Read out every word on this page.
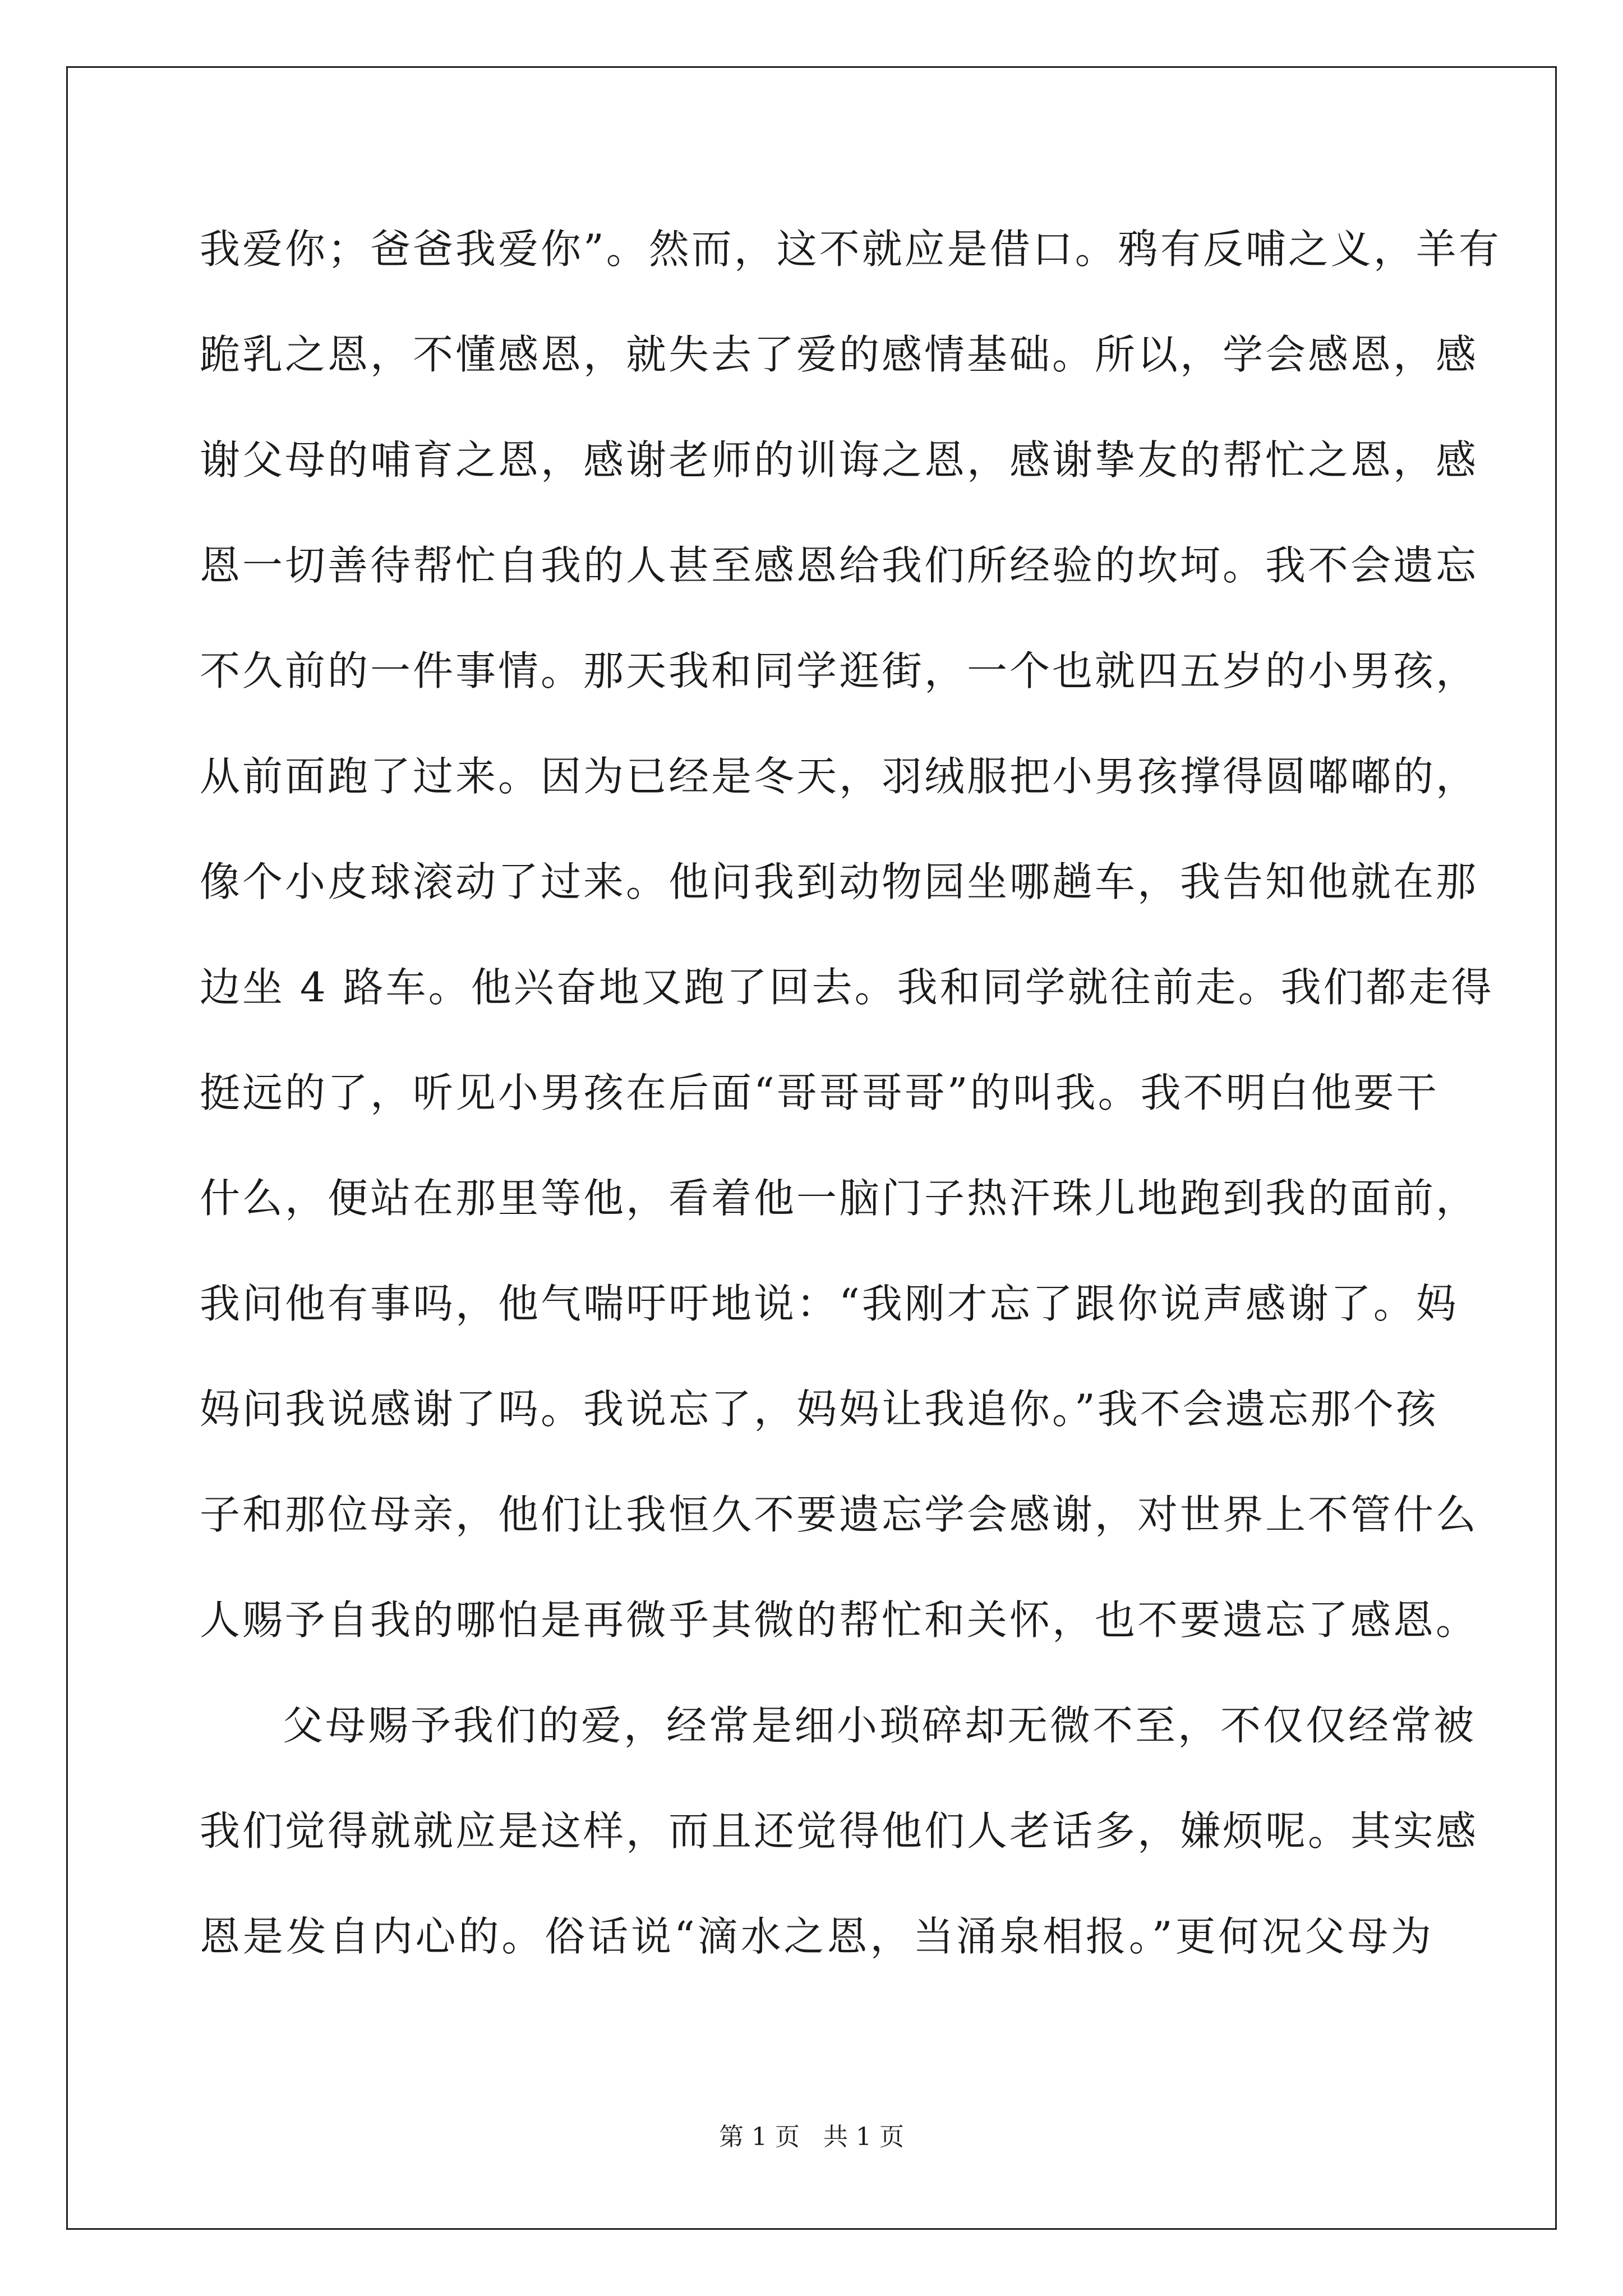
我爱你；爸爸我爱你”。然而，这不就应是借口。鸦有反哺之义，羊有
跪乳之恩，不懂感恩，就失去了爱的感情基础。所以，学会感恩，感
谢父母的哺育之恩，感谢老师的训诲之恩，感谢挚友的帮忙之恩，感
恩一切善待帮忙自我的人甚至感恩给我们所经验的坎坷。我不会遗忘
不久前的一件事情。那天我和同学逛街，一个也就四五岁的小男孩，
从前面跑了过来。因为已经是冬天，羽绒服把小男孩撑得圆嘟嘟的，
像个小皮球滚动了过来。他问我到动物园坐哪趟车，我告知他就在那
边坐 4 路车。他兴奋地又跑了回去。我和同学就往前走。我们都走得
挺远的了，听见小男孩在后面“哥哥哥哥”的叫我。我不明白他要干
什么，便站在那里等他，看着他一脑门子热汗珠儿地跑到我的面前，
我问他有事吗，他气喘吁吁地说：“我刚才忘了跟你说声感谢了。妈
妈问我说感谢了吗。我说忘了，妈妈让我追你。”我不会遗忘那个孩
子和那位母亲，他们让我恒久不要遗忘学会感谢，对世界上不管什么
人赐予自我的哪怕是再微乎其微的帮忙和关怀，也不要遗忘了感恩。
父母赐予我们的爱，经常是细小琐碎却无微不至，不仅仅经常被
我们觉得就就应是这样，而且还觉得他们人老话多，嫌烦呢。其实感
恩是发自内心的。俗话说“滴水之恩，当涌泉相报。”更何况父母为
第 1 页   共 1 页
